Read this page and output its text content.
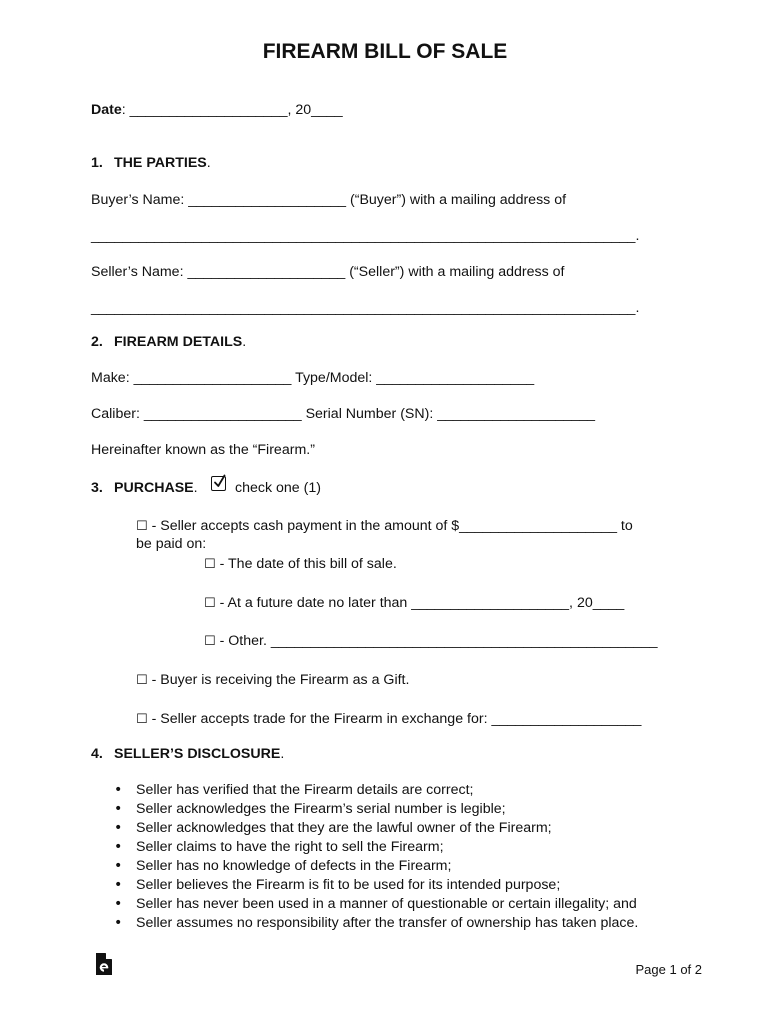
FIREARM BILL OF SALE
Date: ____________________, 20____
1. THE PARTIES.
Buyer’s Name: ____________________ (“Buyer”) with a mailing address of
_____________________________________________________________________.
Seller’s Name: ____________________ (“Seller”) with a mailing address of
_____________________________________________________________________.
2. FIREARM DETAILS.
Make: ____________________ Type/Model: ____________________
Caliber: ____________________ Serial Number (SN): ____________________
Hereinafter known as the “Firearm.”
3. PURCHASE.	check one (1)
☐ - Seller accepts cash payment in the amount of $____________________ to
be paid on:
☐ - The date of this bill of sale.
☐ - At a future date no later than ____________________, 20____
☐ - Other. _________________________________________________
☐ - Buyer is receiving the Firearm as a Gift.
☐ - Seller accepts trade for the Firearm in exchange for: ___________________
4. SELLER’S DISCLOSURE.
• Seller has verified that the Firearm details are correct;
• Seller acknowledges the Firearm’s serial number is legible;
• Seller acknowledges that they are the lawful owner of the Firearm;
• Seller claims to have the right to sell the Firearm;
• Seller has no knowledge of defects in the Firearm;
• Seller believes the Firearm is fit to be used for its intended purpose;
• Seller has never been used in a manner of questionable or certain illegality; and
• Seller assumes no responsibility after the transfer of ownership has taken place.
Page 1 of 2
